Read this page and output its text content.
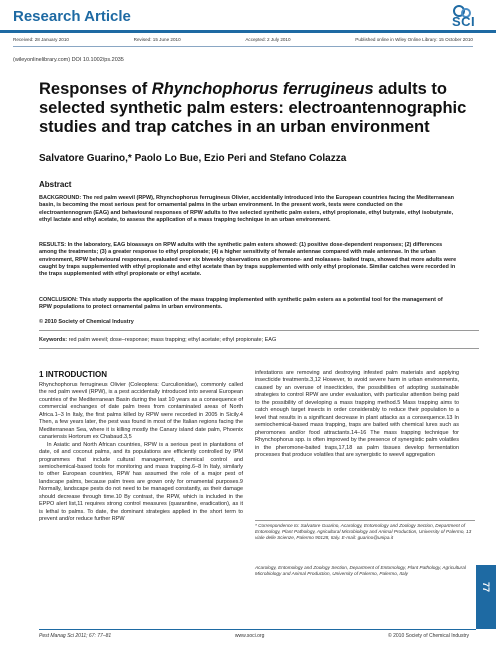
Research Article	SCI
Received: 28 January 2010	Revised: 15 June 2010	Accepted: 2 July 2010	Published online in Wiley Online Library: 15 October 2010
(wileyonlinelibrary.com) DOI 10.1002/ps.2035
Responses of Rhynchophorus ferrugineus adults to selected synthetic palm esters: electroantennographic studies and trap catches in an urban environment
Salvatore Guarino,* Paolo Lo Bue, Ezio Peri and Stefano Colazza
Abstract

BACKGROUND: The red palm weevil (RPW), Rhynchophorus ferrugineus Olivier, accidentally introduced into the European countries facing the Mediterranean basin, is becoming the most serious pest for ornamental palms in the urban environment. In the present work, tests were conducted on the electroantennogram (EAG) and behavioural responses of RPW adults to five selected synthetic palm esters, ethyl propionate, ethyl butyrate, ethyl isobutyrate, ethyl lactate and ethyl acetate, to assess the application of a mass trapping technique in an urban environment.

RESULTS: In the laboratory, EAG bioassays on RPW adults with the synthetic palm esters showed: (1) positive dose-dependent responses; (2) differences among the treatments; (3) a greater response to ethyl propionate; (4) a higher sensitivity of female antennae compared with male antennae. In the urban environment, RPW behavioural responses, evaluated over six biweekly observations on pheromone- and molasses- baited traps, showed that more adults were caught by traps supplemented with ethyl propionate and ethyl acetate than by traps supplemented with only ethyl propionate. Similar catches were recorded in the traps supplemented with ethyl propionate or ethyl acetate.

CONCLUSION: This study supports the application of the mass trapping implemented with synthetic palm esters as a potential tool for the management of RPW populations to protect ornamental palms in urban environments.

© 2010 Society of Chemical Industry

Keywords: red palm weevil; dose–response; mass trapping; ethyl acetate; ethyl propionate; EAG
1 INTRODUCTION

Rhynchophorus ferrugineus Olivier (Coleoptera: Curculionidae), commonly called the red palm weevil (RPW), is a pest accidentally introduced into several European countries of the Mediterranean Basin during the last 10 years as a consequence of commercial exchanges of date palm trees from contaminated areas of North Africa.1–3 In Italy, the first palms killed by RPW were recorded in 2005 in Sicily.4 Then, a few years later, the pest was found in most of the Italian regions facing the Mediterranean Sea, where it is killing mostly the Canary island date palm, Phoenix canariensis Hortorum ex Chabaud.3,5

In Asiatic and North African countries, RPW is a serious pest in plantations of date, oil and coconut palms, and its populations are efficiently controlled by IPM programmes that include cultural management, chemical control and semiochemical-based tools for monitoring and mass trapping.6–8 In Italy, similarly to other European countries, RPW has assumed the role of a major pest of landscape palms, because palm trees are grown only for ornamental purposes.9 Normally, landscape pests do not need to be managed constantly, as their damage should decrease through time.10 By contrast, the RPW, which is included in the EPPO alert list,11 requires strong control measures (quarantine, eradication), as it is lethal to palms. To date, the dominant strategies applied in the short term to prevent and/or reduce further RPW

infestations are removing and destroying infested palm materials and applying insecticide treatments.3,12 However, to avoid severe harm in urban environments, caused by an overuse of insecticides, the possibilities of adopting sustainable strategies to control RPW are under evaluation, with particular attention being paid to the possibility of developing a mass trapping method.5 Mass trapping aims to catch enough target insects in order considerably to reduce their population to a level that results in a significant decrease in plant attacks as a consequence.13 In semiochemical-based mass trapping, traps are baited with chemical lures such as pheromones and/or food attractants.14–16 The mass trapping technique for Rhynchophorus spp. is often improved by the presence of synergistic palm volatiles in the pheromone-baited traps,17,18 as palm tissues develop fermentation processes that produce volatiles that are synergistic to weevil aggregation

* Correspondence to: Salvatore Guarino, Acarology, Entomology and Zoology Section, Department of Entomology, Plant Pathology, Agricultural Microbiology and Animal Production, University of Palermo, 13 viale delle Scienze, Palermo 90128, Italy. E-mail: guarino@unipa.it

Acarology, Entomology and Zoology Section, Department of Entomology, Plant Pathology, Agricultural Microbiology and Animal Production, University of Palermo, Palermo, Italy

77
Pest Manag Sci 2011; 67: 77–81	www.soci.org	© 2010 Society of Chemical Industry
